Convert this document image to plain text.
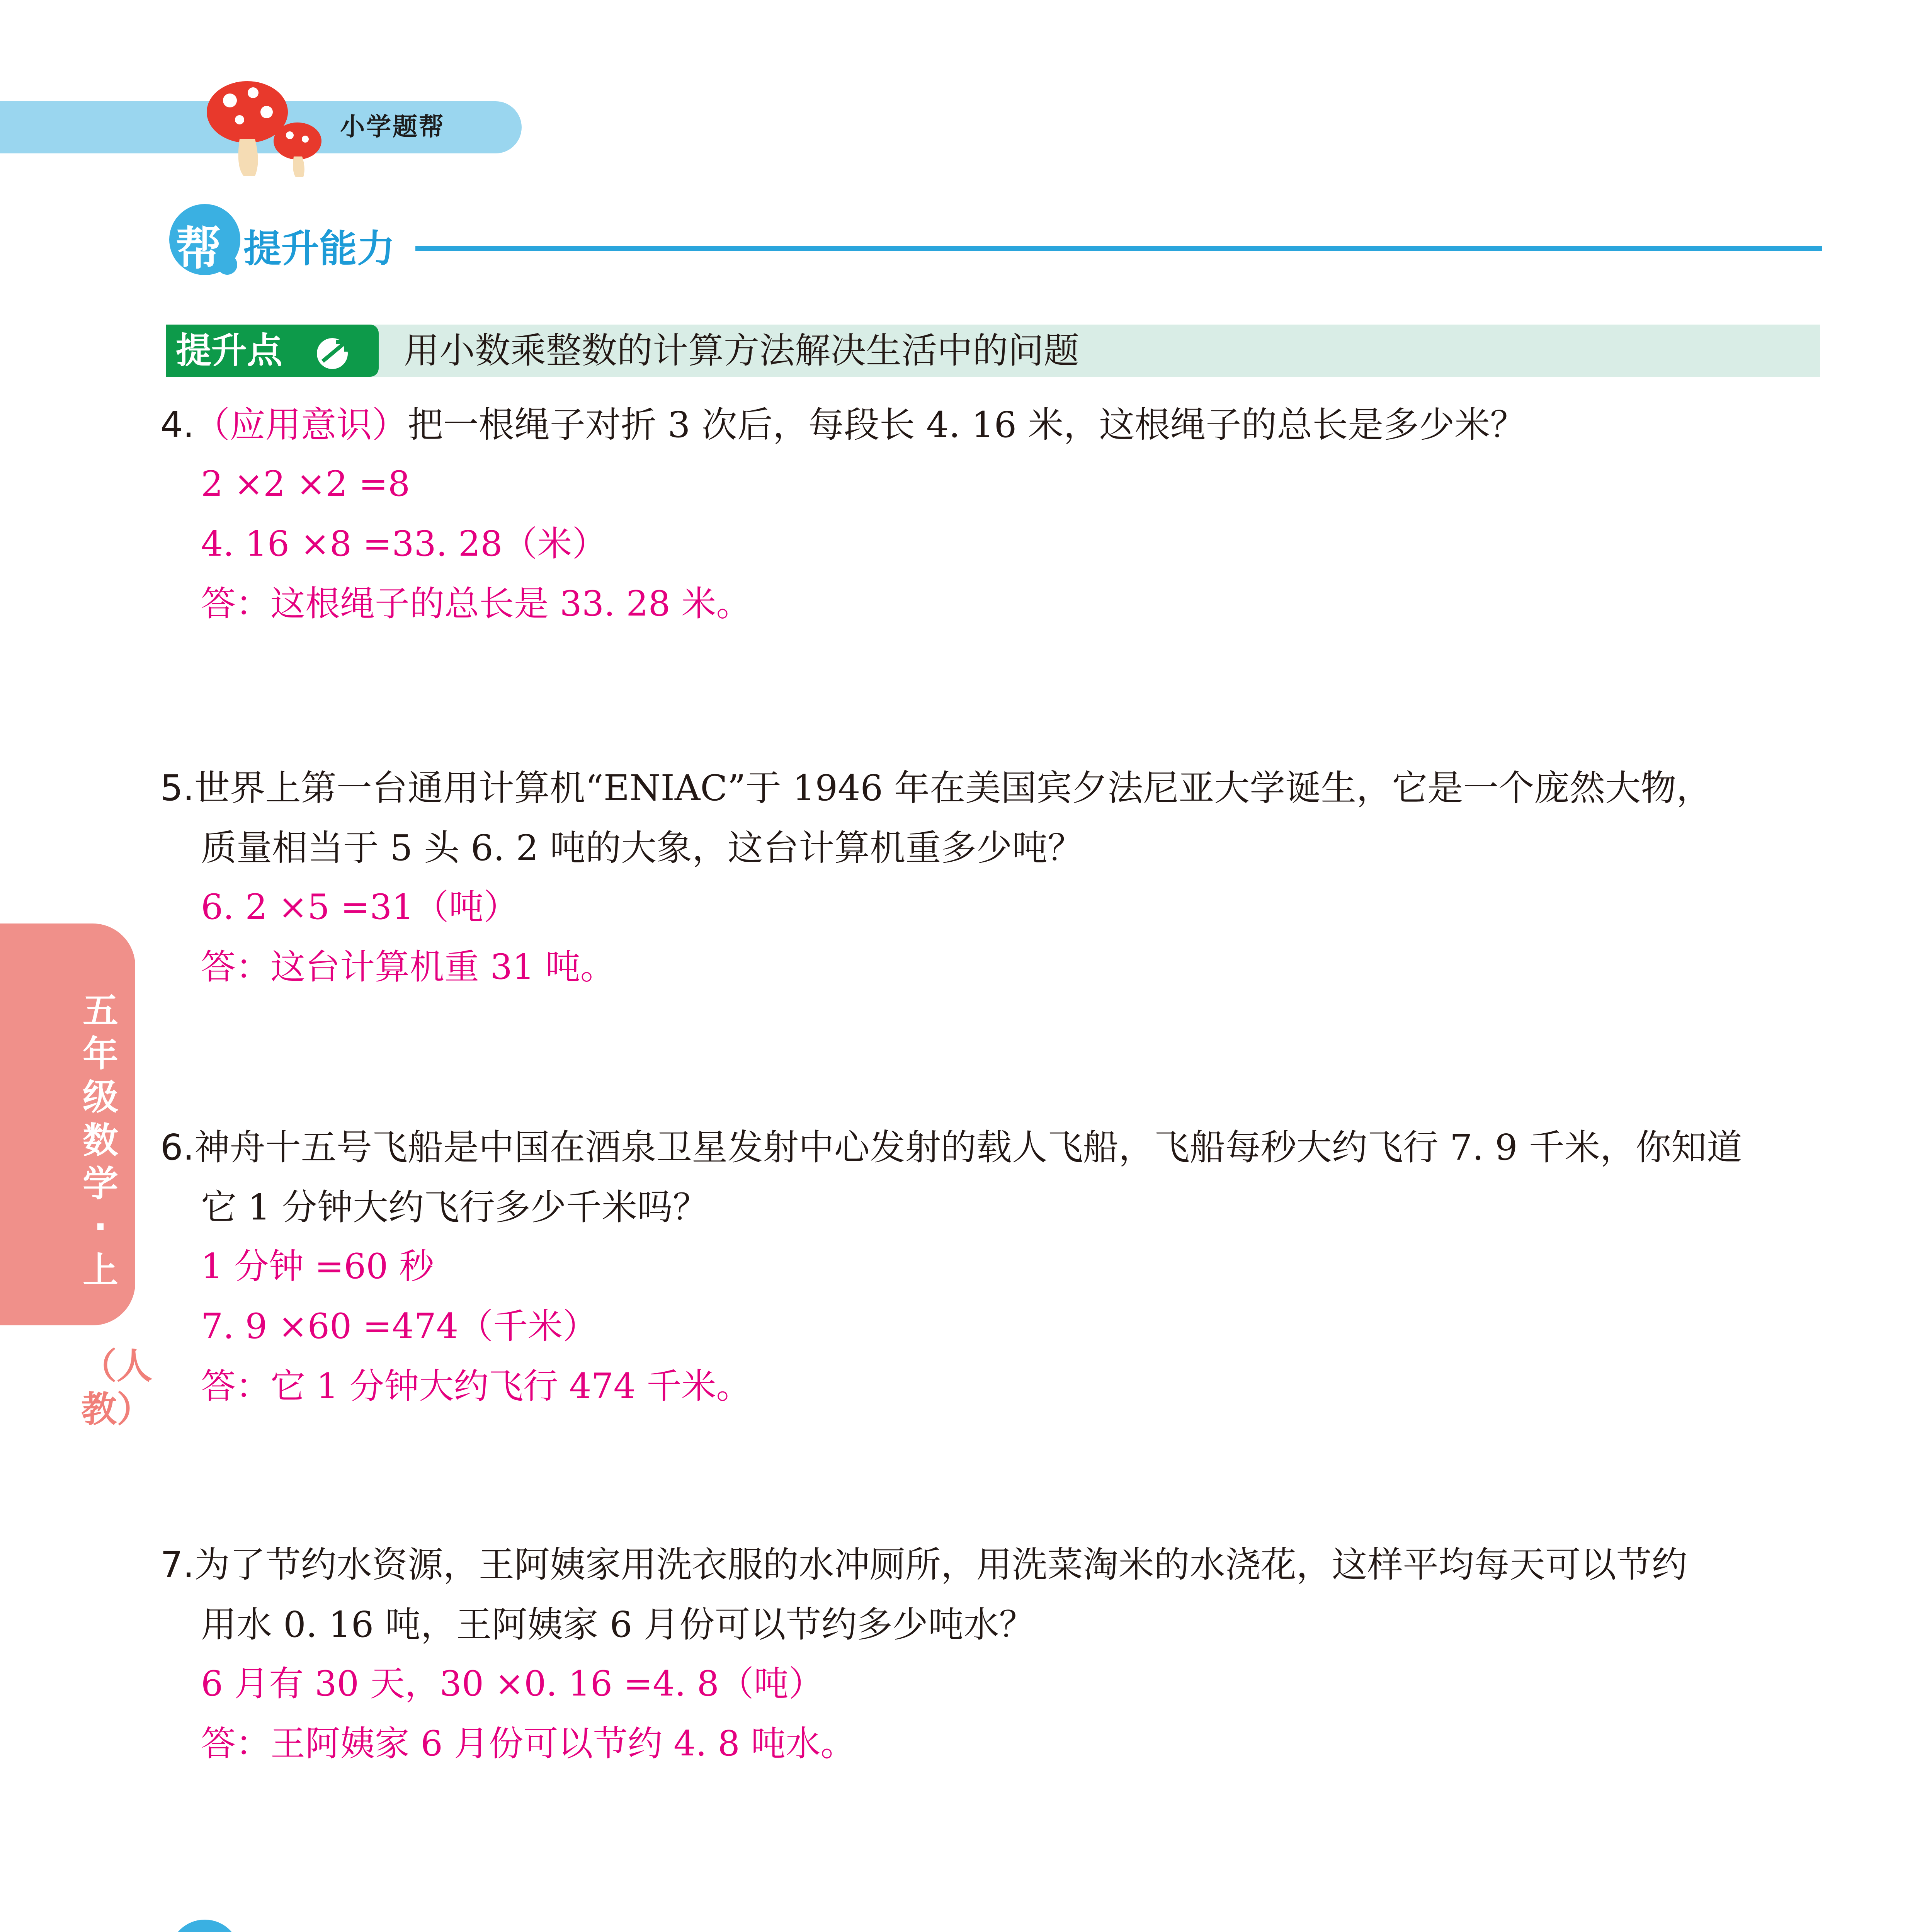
小学题帮
帮 提升能力
提升点	用小数乘整数的计算方法解决生活中的问题
4.（应用意识）把一根绳子对折 3 次后，每段长 4. 16 米，这根绳子的总长是多少米？
2 ×2 ×2 =8
4. 16 ×8 =33. 28（米）
答：这根绳子的总长是 33. 28 米。
5.世界上第一台通用计算机“ENIAC”于 1946 年在美国宾夕法尼亚大学诞生，它是一个庞然大物，
质量相当于 5 头 6. 2 吨的大象，这台计算机重多少吨？
6. 2 ×5 =31（吨）
答：这台计算机重 31 吨。
五年级数学·上
（人教）
6.神舟十五号飞船是中国在酒泉卫星发射中心发射的载人飞船，飞船每秒大约飞行 7. 9 千米，你知道
它 1 分钟大约飞行多少千米吗？
1 分钟 =60 秒
7. 9 ×60 =474（千米）
答：它 1 分钟大约飞行 474 千米。
7.为了节约水资源，王阿姨家用洗衣服的水冲厕所，用洗菜淘米的水浇花，这样平均每天可以节约
用水 0. 16 吨，王阿姨家 6 月份可以节约多少吨水？
6 月有 30 天，30 ×0. 16 =4. 8（吨）
答：王阿姨家 6 月份可以节约 4. 8 吨水。
